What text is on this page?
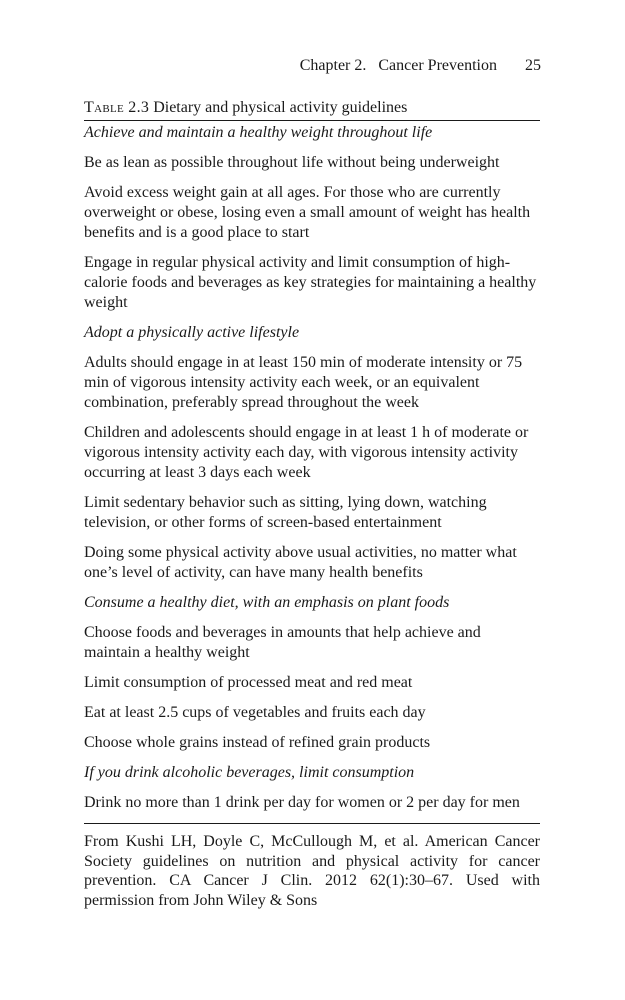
Chapter 2.   Cancer Prevention 25
Table 2.3 Dietary and physical activity guidelines
Achieve and maintain a healthy weight throughout life
Be as lean as possible throughout life without being underweight
Avoid excess weight gain at all ages. For those who are currently overweight or obese, losing even a small amount of weight has health benefits and is a good place to start
Engage in regular physical activity and limit consumption of high-calorie foods and beverages as key strategies for maintaining a healthy weight
Adopt a physically active lifestyle
Adults should engage in at least 150 min of moderate intensity or 75 min of vigorous intensity activity each week, or an equivalent combination, preferably spread throughout the week
Children and adolescents should engage in at least 1 h of moderate or vigorous intensity activity each day, with vigorous intensity activity occurring at least 3 days each week
Limit sedentary behavior such as sitting, lying down, watching television, or other forms of screen-based entertainment
Doing some physical activity above usual activities, no matter what one’s level of activity, can have many health benefits
Consume a healthy diet, with an emphasis on plant foods
Choose foods and beverages in amounts that help achieve and maintain a healthy weight
Limit consumption of processed meat and red meat
Eat at least 2.5 cups of vegetables and fruits each day
Choose whole grains instead of refined grain products
If you drink alcoholic beverages, limit consumption
Drink no more than 1 drink per day for women or 2 per day for men
From Kushi LH, Doyle C, McCullough M, et al. American Cancer Society guidelines on nutrition and physical activity for cancer prevention. CA Cancer J Clin. 2012 62(1):30–67. Used with permission from John Wiley & Sons
